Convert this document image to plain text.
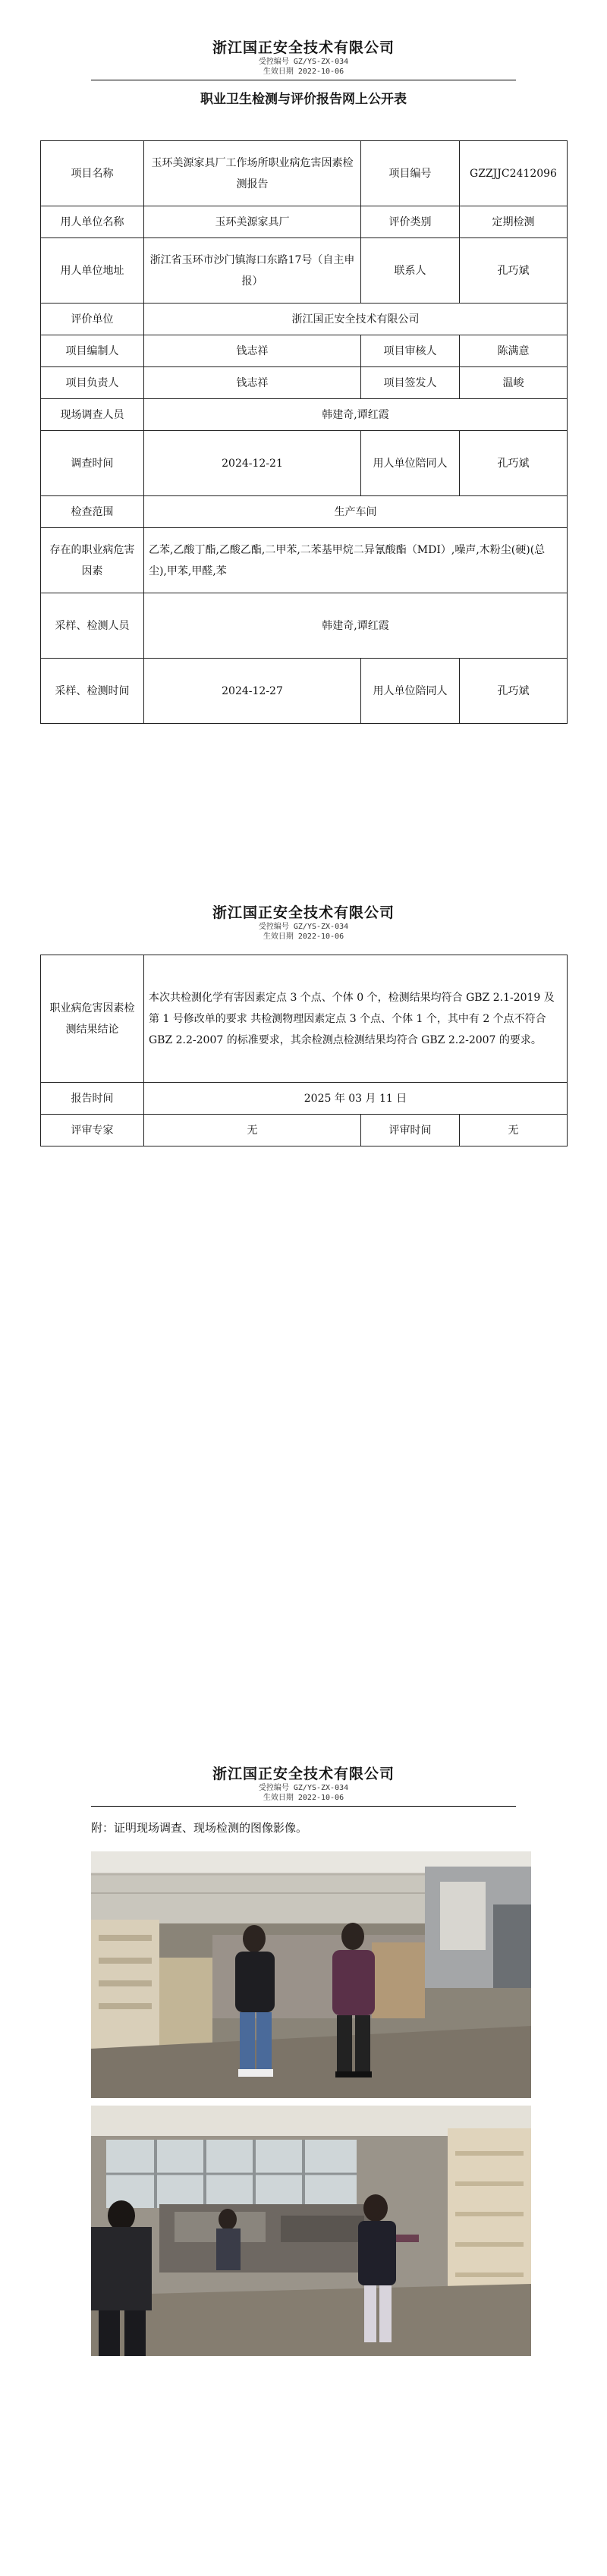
浙江国正安全技术有限公司
受控编号 GZ/YS-ZX-034
生效日期 2022-10-06
职业卫生检测与评价报告网上公开表
项目名称	玉环美源家具厂工作场所职业病危害因素检测报告	项目编号	GZZJJC2412096
用人单位名称	玉环美源家具厂	评价类别	定期检测
用人单位地址	浙江省玉环市沙门镇海口东路17号（自主申报）	联系人	孔巧斌
评价单位	浙江国正安全技术有限公司		
项目编制人	钱志祥	项目审核人	陈满意
项目负责人	钱志祥	项目签发人	温峻
现场调查人员	韩建奇,谭红霞		
调查时间	2024-12-21	用人单位陪同人	孔巧斌
检查范围	生产车间		
存在的职业病危害因素	乙苯,乙酸丁酯,乙酸乙酯,二甲苯,二苯基甲烷二异氰酸酯（MDI）,噪声,木粉尘(硬)(总尘),甲苯,甲醛,苯		
采样、检测人员	韩建奇,谭红霞		
采样、检测时间	2024-12-27	用人单位陪同人	孔巧斌
浙江国正安全技术有限公司
受控编号 GZ/YS-ZX-034
生效日期 2022-10-06
职业病危害因素检测结果结论	本次共检测化学有害因素定点 3 个点、个体 0 个，检测结果均符合 GBZ 2.1-2019 及第 1 号修改单的要求 共检测物理因素定点 3 个点、个体 1 个，其中有 2 个点不符合 GBZ 2.2-2007 的标准要求，其余检测点检测结果均符合 GBZ 2.2-2007 的要求。		
报告时间	2025 年 03 月 11 日		
评审专家	无	评审时间	无
浙江国正安全技术有限公司
受控编号 GZ/YS-ZX-034
生效日期 2022-10-06
附：证明现场调查、现场检测的图像影像。
